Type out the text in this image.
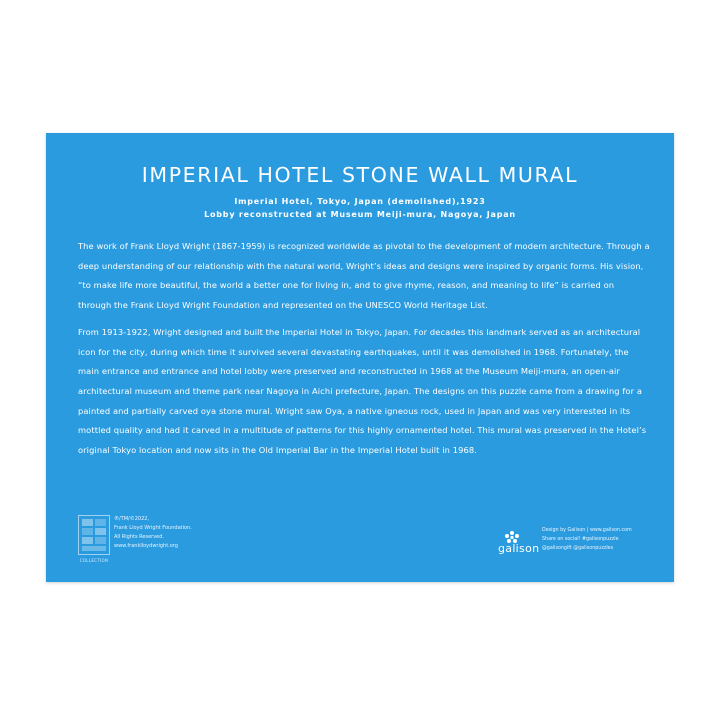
IMPERIAL HOTEL STONE WALL MURAL
Imperial Hotel, Tokyo, Japan (demolished),1923
Lobby reconstructed at Museum Meiji-mura, Nagoya, Japan

The work of Frank Lloyd Wright (1867-1959) is recognized worldwide as pivotal to the development of modern architecture. Through a deep understanding of our relationship with the natural world, Wright’s ideas and designs were inspired by organic forms. His vision, “to make life more beautiful, the world a better one for living in, and to give rhyme, reason, and meaning to life” is carried on through the Frank Lloyd Wright Foundation and represented on the UNESCO World Heritage List.

From 1913-1922, Wright designed and built the Imperial Hotel in Tokyo, Japan. For decades this landmark served as an architectural icon for the city, during which time it survived several devastating earthquakes, until it was demolished in 1968. Fortunately, the main entrance and entrance and hotel lobby were preserved and reconstructed in 1968 at the Museum Meiji-mura, an open-air architectural museum and theme park near Nagoya in Aichi prefecture, Japan. The designs on this puzzle came from a drawing for a painted and partially carved oya stone mural. Wright saw Oya, a native igneous rock, used in Japan and was very interested in its mottled quality and had it carved in a multitude of patterns for this highly ornamented hotel. This mural was preserved in the Hotel’s original Tokyo location and now sits in the Old Imperial Bar in the Imperial Hotel built in 1968.

COLLECTION
®/TM/©2022,
Frank Lloyd Wright Foundation.
All Rights Reserved.
www.franklloydwright.org	galison
Design by Galison | www.galison.com
Share on social! #galisonpuzzle
@galisongift @galisonpuzzles
